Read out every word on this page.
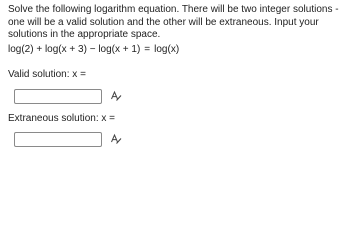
Solve the following logarithm equation. There will be two integer solutions - one will be a valid solution and the other will be extraneous. Input your solutions in the appropriate space.

log(2) + log(x + 3) − log(x + 1) = log(x)
Valid solution: x =
Extraneous solution: x =
